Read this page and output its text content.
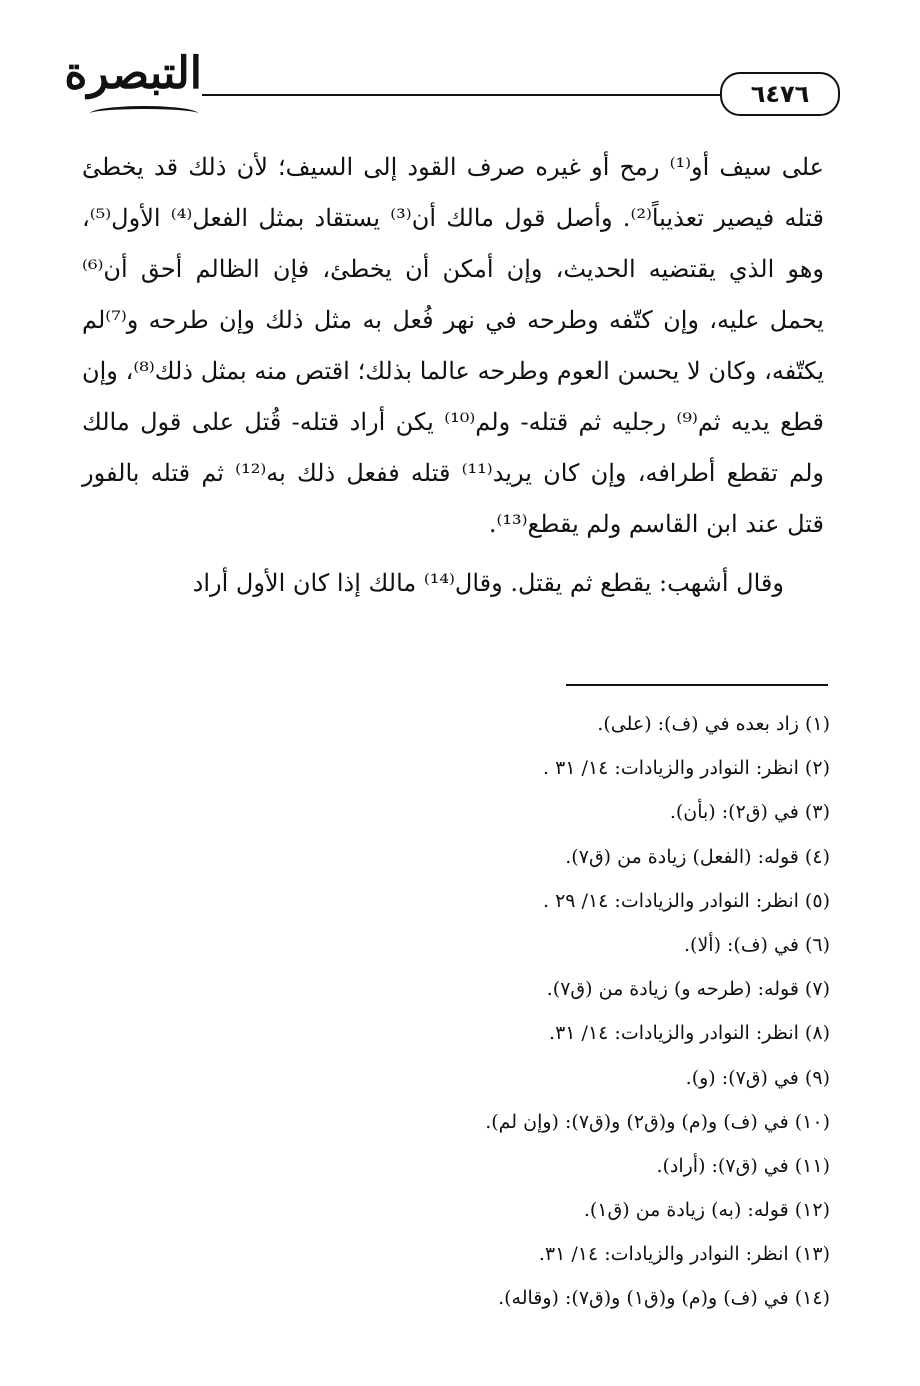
٦٤٧٦
التبصرة

على سيف أو⁽¹⁾ رمح أو غيره صرف القود إلى السيف؛ لأن ذلك قد يخطئ قتله فيصير تعذيباً⁽²⁾. وأصل قول مالك أن⁽³⁾ يستقاد بمثل الفعل⁽⁴⁾ الأول⁽⁵⁾، وهو الذي يقتضيه الحديث، وإن أمكن أن يخطئ، فإن الظالم أحق أن⁽⁶⁾ يحمل عليه، وإن كتّفه وطرحه في نهر فُعل به مثل ذلك وإن طرحه و⁽⁷⁾لم يكتّفه، وكان لا يحسن العوم وطرحه عالما بذلك؛ اقتص منه بمثل ذلك⁽⁸⁾، وإن قطع يديه ثم⁽⁹⁾ رجليه ثم قتله- ولم⁽¹⁰⁾ يكن أراد قتله- قُتل على قول مالك ولم تقطع أطرافه، وإن كان يريد⁽¹¹⁾ قتله ففعل ذلك به⁽¹²⁾ ثم قتله بالفور قتل عند ابن القاسم ولم يقطع⁽¹³⁾.

وقال أشهب: يقطع ثم يقتل. وقال⁽¹⁴⁾ مالك إذا كان الأول أراد

(١) زاد بعده في (ف): (على).
(٢) انظر: النوادر والزيادات: ١٤/ ٣١ .
(٣) في (ق٢): (بأن).
(٤) قوله: (الفعل) زيادة من (ق٧).
(٥) انظر: النوادر والزيادات: ١٤/ ٢٩ .
(٦) في (ف): (ألا).
(٧) قوله: (طرحه و) زيادة من (ق٧).
(٨) انظر: النوادر والزيادات: ١٤/ ٣١.
(٩) في (ق٧): (و).
(١٠) في (ف) و(م) و(ق٢) و(ق٧): (وإن لم).
(١١) في (ق٧): (أراد).
(١٢) قوله: (به) زيادة من (ق١).
(١٣) انظر: النوادر والزيادات: ١٤/ ٣١.
(١٤) في (ف) و(م) و(ق١) و(ق٧): (وقاله).
